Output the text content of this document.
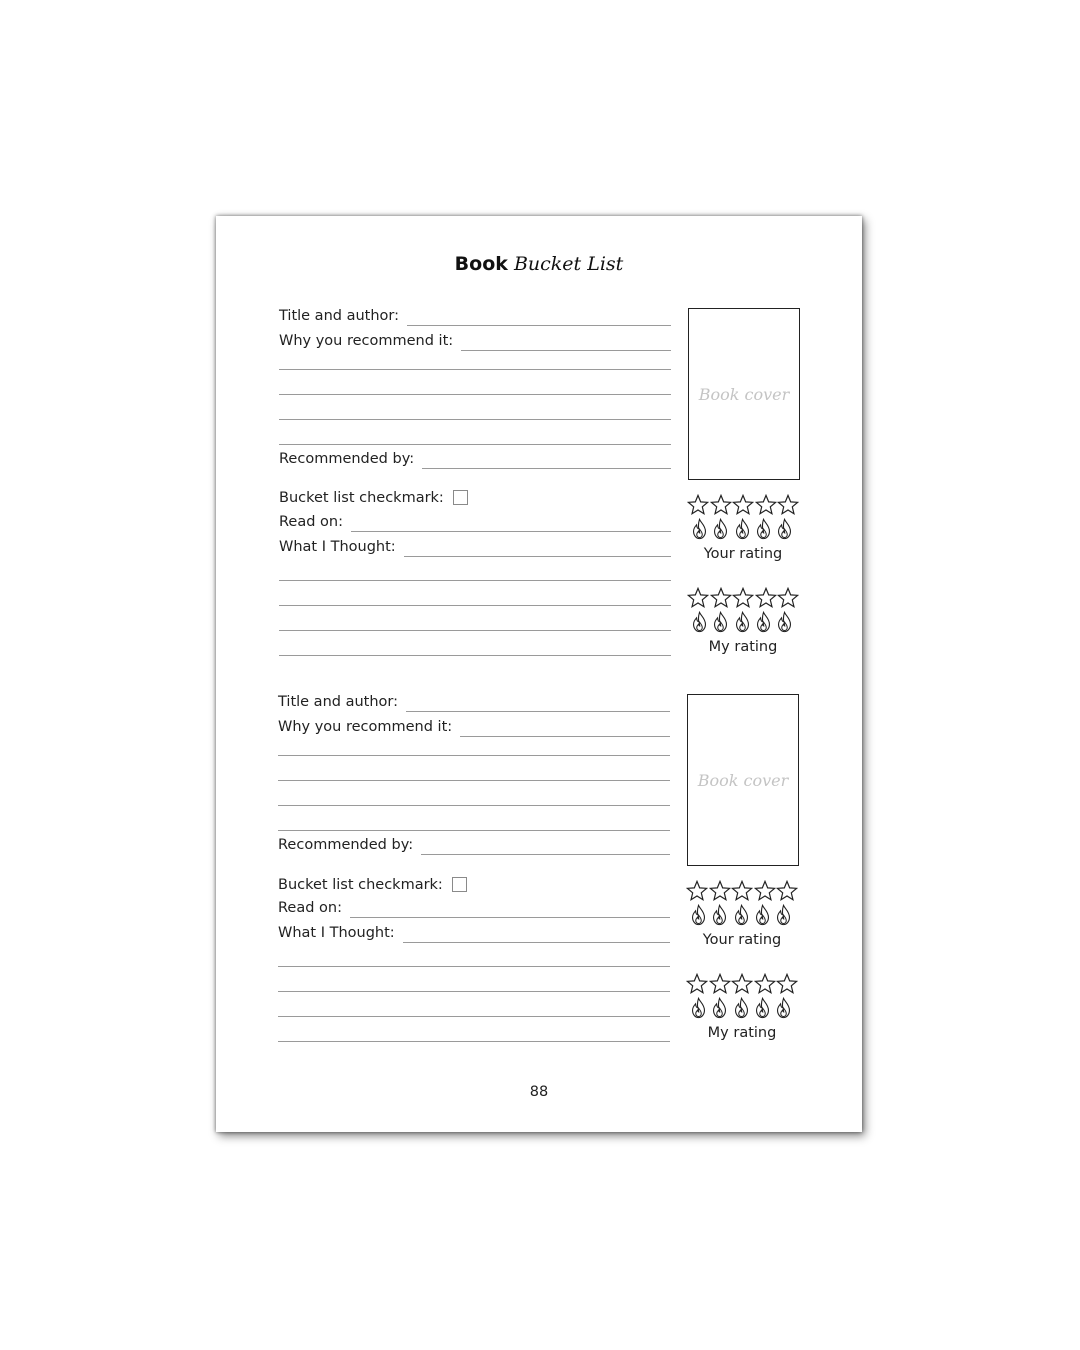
Book Bucket List
Title and author:
Why you recommend it:
Recommended by:
Bucket list checkmark:
Read on:
What I Thought:
Book cover
Your rating
My rating
Title and author:
Why you recommend it:
Recommended by:
Bucket list checkmark:
Read on:
What I Thought:
Book cover
Your rating
My rating
88
